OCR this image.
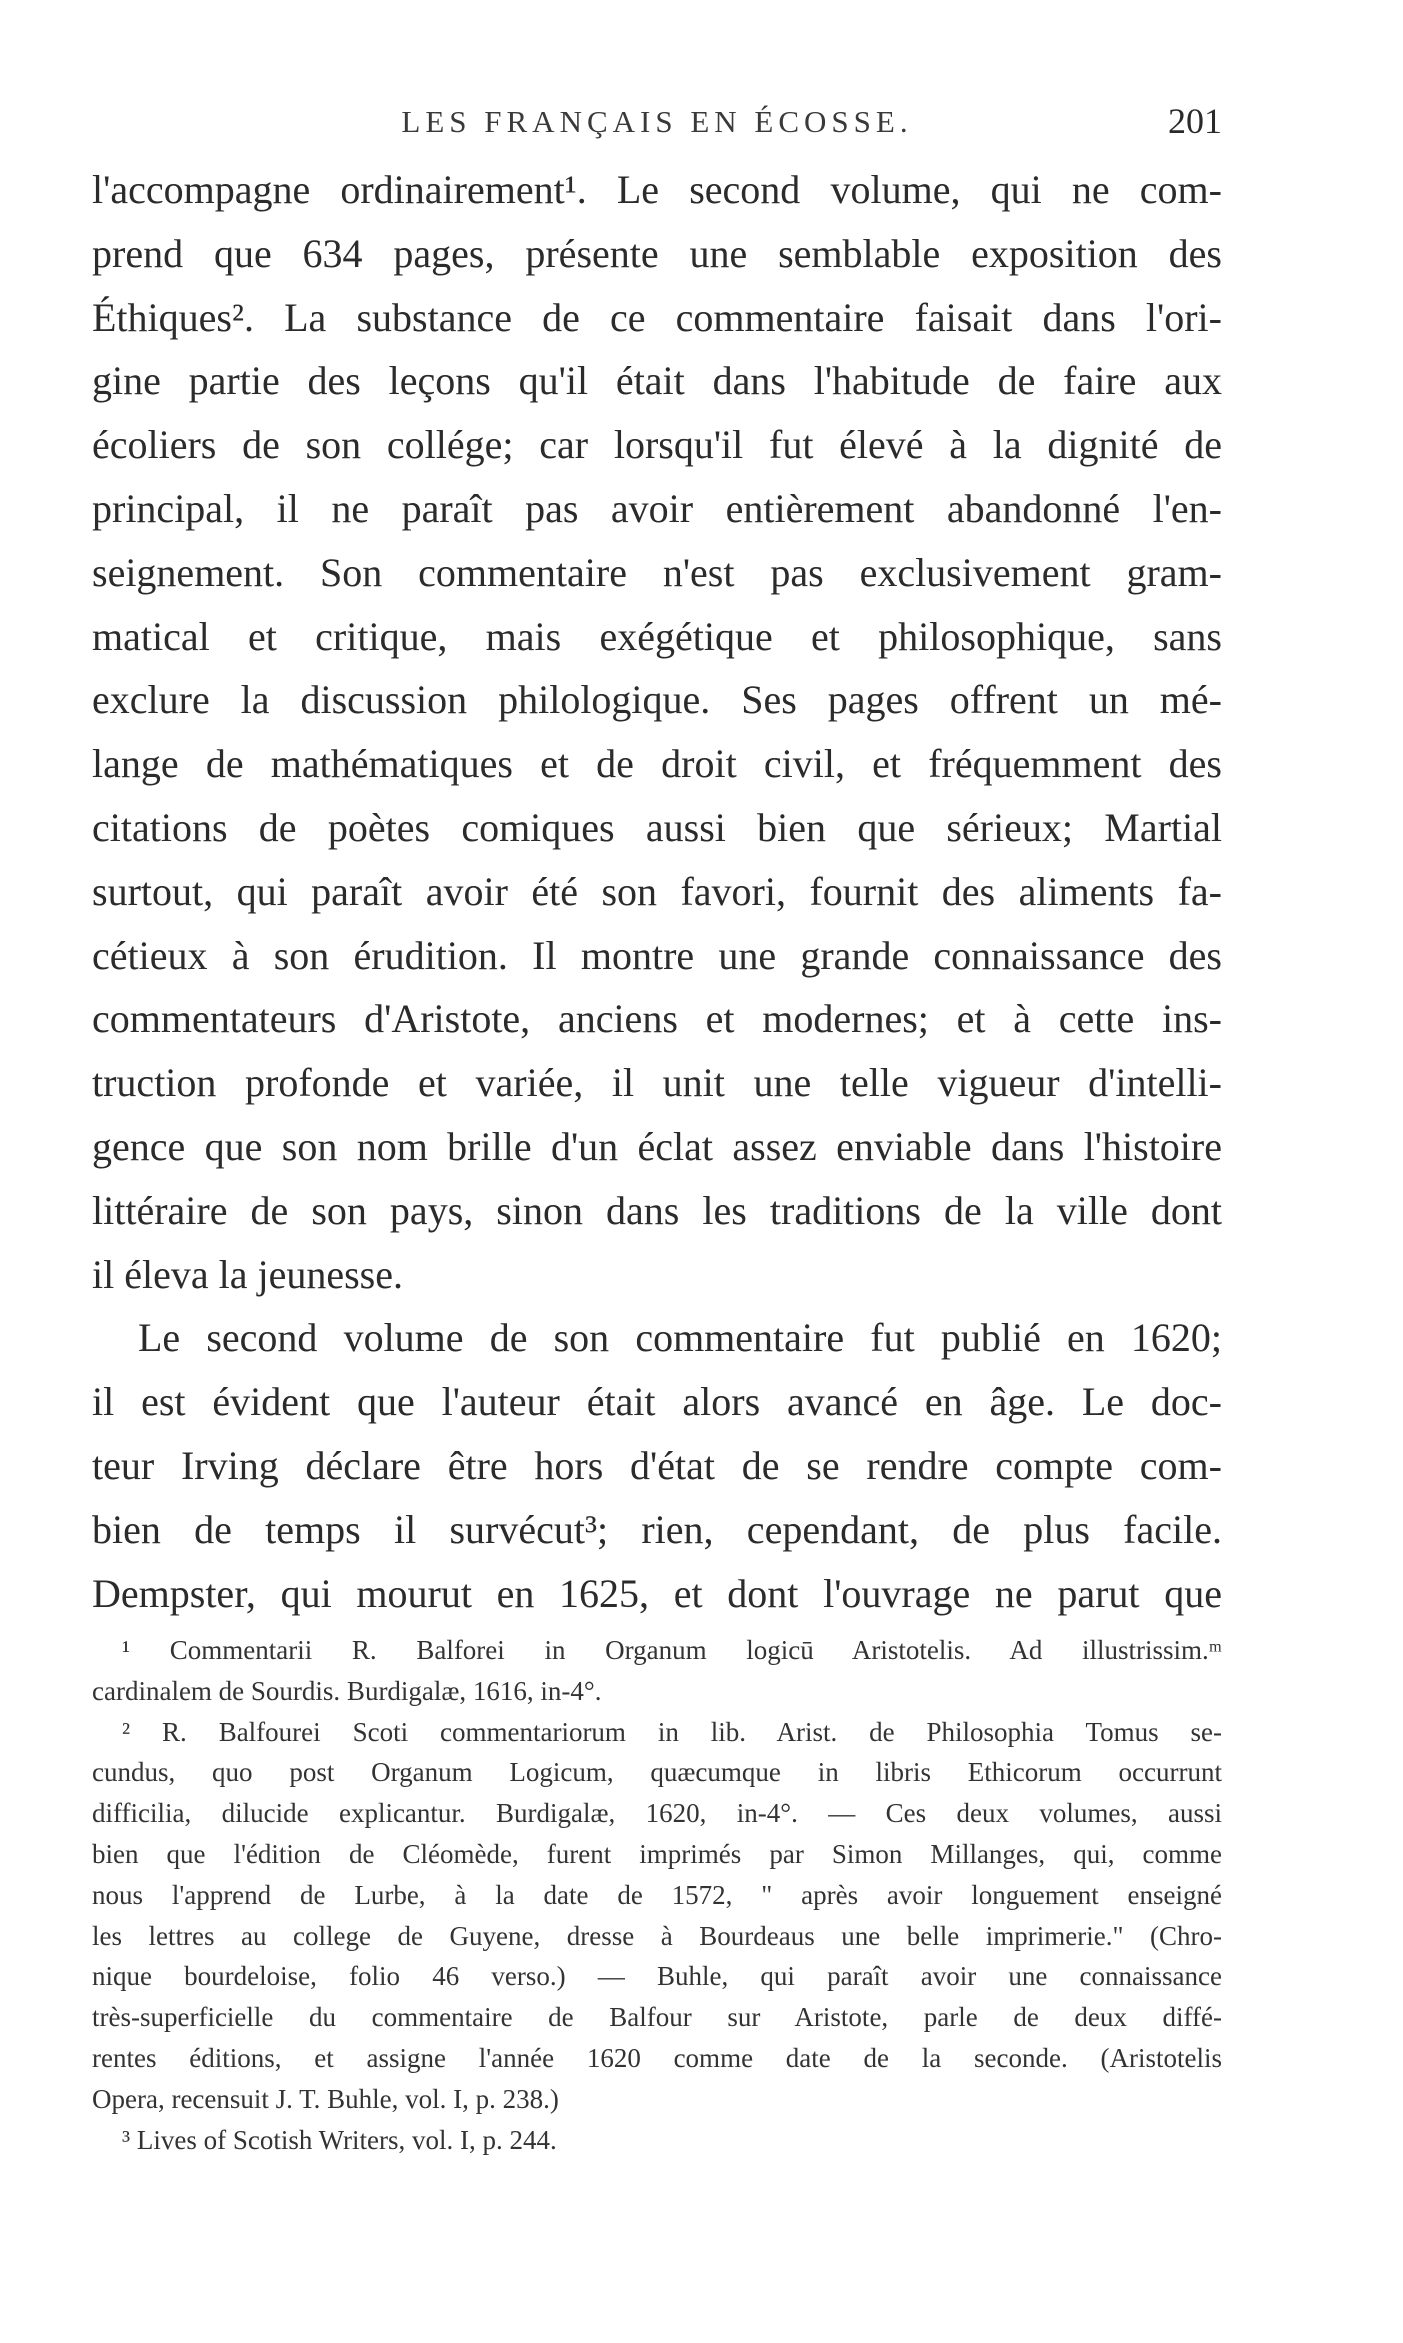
LES FRANÇAIS EN ÉCOSSE.	201
l'accompagne ordinairement¹. Le second volume, qui ne com-
prend que 634 pages, présente une semblable exposition des
Éthiques². La substance de ce commentaire faisait dans l'ori-
gine partie des leçons qu'il était dans l'habitude de faire aux
écoliers de son collége; car lorsqu'il fut élevé à la dignité de
principal, il ne paraît pas avoir entièrement abandonné l'en-
seignement. Son commentaire n'est pas exclusivement gram-
matical et critique, mais exégétique et philosophique, sans
exclure la discussion philologique. Ses pages offrent un mé-
lange de mathématiques et de droit civil, et fréquemment des
citations de poètes comiques aussi bien que sérieux; Martial
surtout, qui paraît avoir été son favori, fournit des aliments fa-
cétieux à son érudition. Il montre une grande connaissance des
commentateurs d'Aristote, anciens et modernes; et à cette ins-
truction profonde et variée, il unit une telle vigueur d'intelli-
gence que son nom brille d'un éclat assez enviable dans l'histoire
littéraire de son pays, sinon dans les traditions de la ville dont
il éleva la jeunesse.
Le second volume de son commentaire fut publié en 1620;
il est évident que l'auteur était alors avancé en âge. Le doc-
teur Irving déclare être hors d'état de se rendre compte com-
bien de temps il survécut³; rien, cependant, de plus facile.
Dempster, qui mourut en 1625, et dont l'ouvrage ne parut que
¹ Commentarii R. Balforei in Organum logicū Aristotelis. Ad illustrissim.ᵐ
cardinalem de Sourdis. Burdigalæ, 1616, in-4°.
² R. Balfourei Scoti commentariorum in lib. Arist. de Philosophia Tomus se-
cundus, quo post Organum Logicum, quæcumque in libris Ethicorum occurrunt
difficilia, dilucide explicantur. Burdigalæ, 1620, in-4°. — Ces deux volumes, aussi
bien que l'édition de Cléomède, furent imprimés par Simon Millanges, qui, comme
nous l'apprend de Lurbe, à la date de 1572, " après avoir longuement enseigné
les lettres au college de Guyene, dresse à Bourdeaus une belle imprimerie." (Chro-
nique bourdeloise, folio 46 verso.) — Buhle, qui paraît avoir une connaissance
très-superficielle du commentaire de Balfour sur Aristote, parle de deux diffé-
rentes éditions, et assigne l'année 1620 comme date de la seconde. (Aristotelis
Opera, recensuit J. T. Buhle, vol. I, p. 238.)
³ Lives of Scotish Writers, vol. I, p. 244.
